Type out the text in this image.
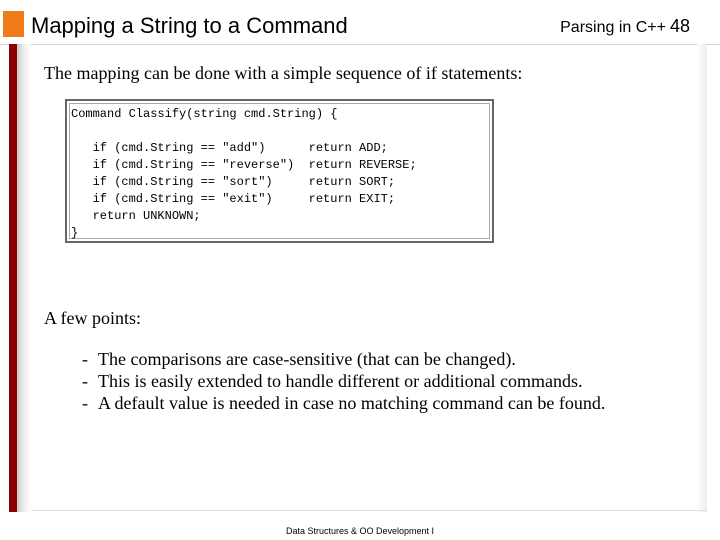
Mapping a String to a Command	Parsing in C++ 48
The mapping can be done with a simple sequence of if statements:
Command Classify(string cmd.String) {
if (cmd.String == "add")      return ADD;
if (cmd.String == "reverse")  return REVERSE;
if (cmd.String == "sort")     return SORT;
if (cmd.String == "exit")     return EXIT;
return UNKNOWN;
}
A few points:
- The comparisons are case-sensitive (that can be changed).
- This is easily extended to handle different or additional commands.
- A default value is needed in case no matching command can be found.
Data Structures & OO Development I
